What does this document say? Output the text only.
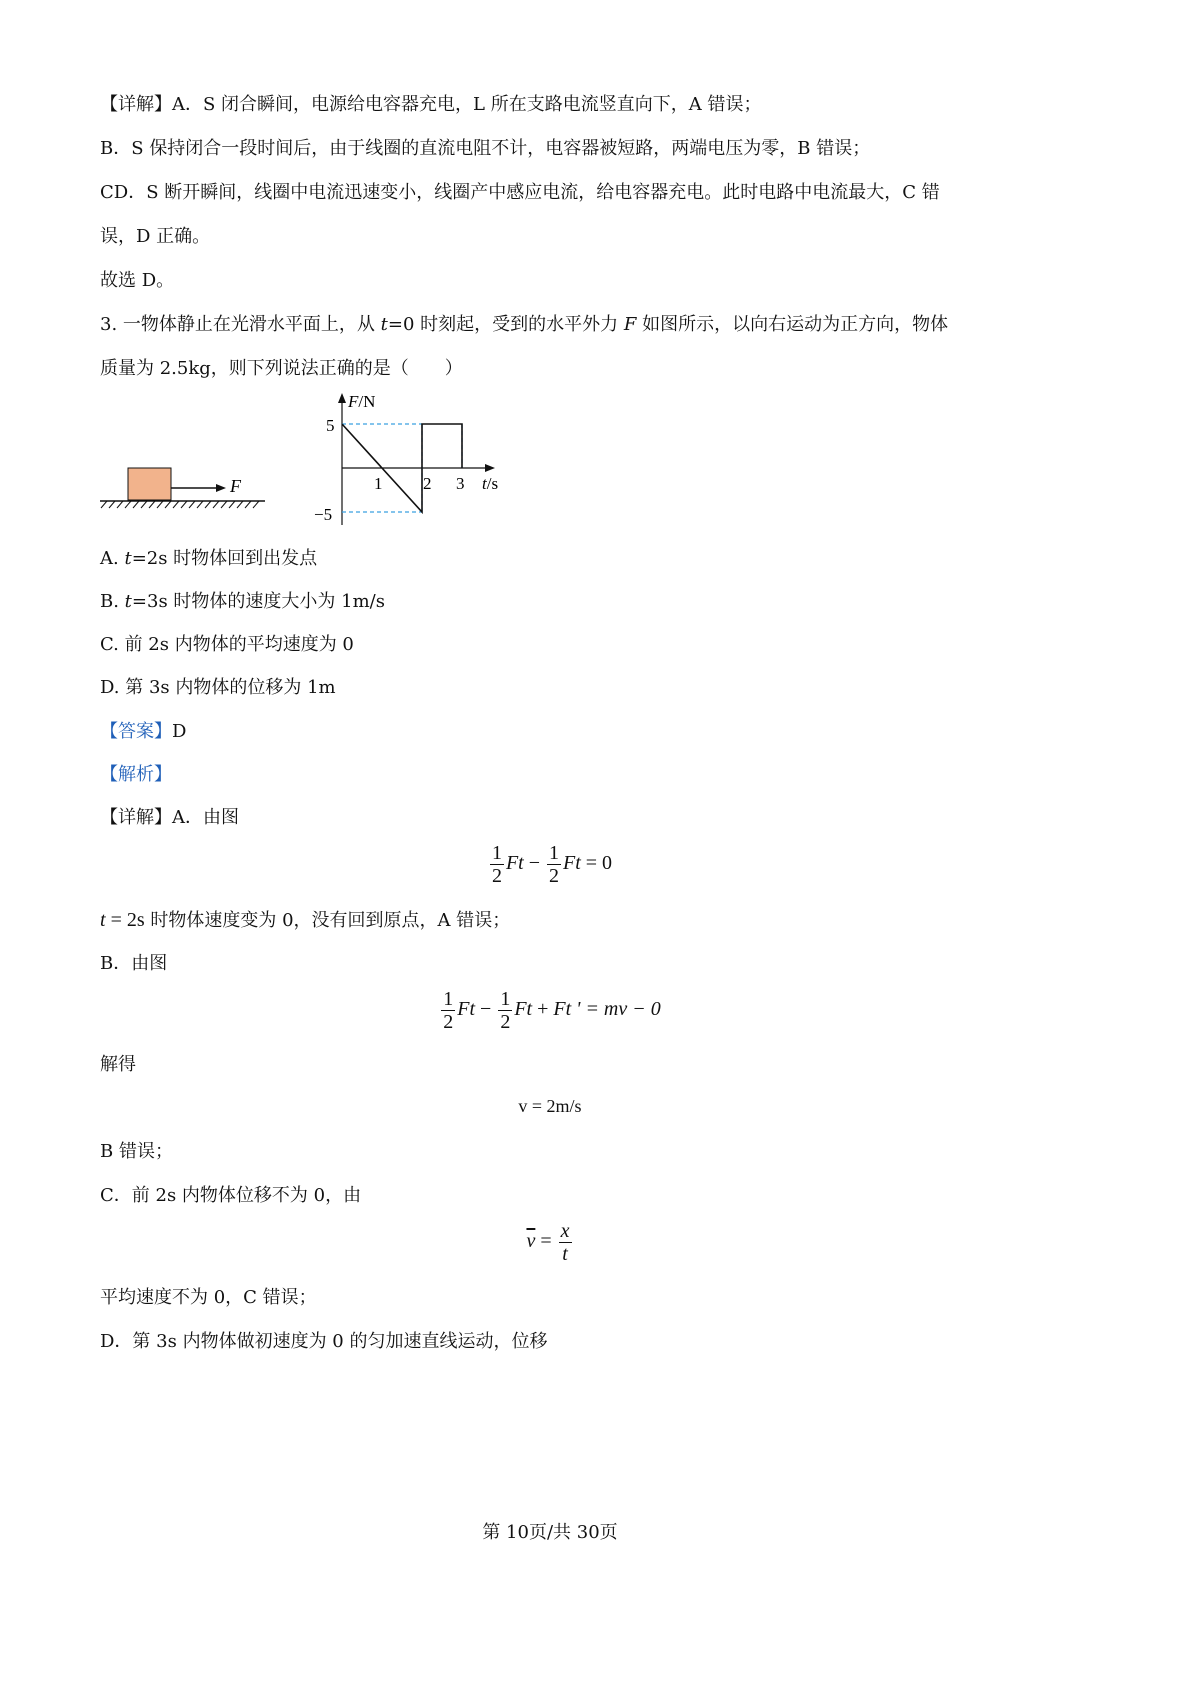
【详解】A．S 闭合瞬间，电源给电容器充电，L 所在支路电流竖直向下，A 错误；
B．S 保持闭合一段时间后，由于线圈的直流电阻不计，电容器被短路，两端电压为零，B 错误；
CD．S 断开瞬间，线圈中电流迅速变小，线圈产中感应电流，给电容器充电。此时电路中电流最大，C 错
误，D 正确。
故选 D。
3. 一物体静止在光滑水平面上，从 t=0 时刻起，受到的水平外力 F 如图所示，以向右运动为正方向，物体
质量为 2.5kg，则下列说法正确的是（　　）
F
F/N
t/s
5
−5
1 2 3
A. t=2s 时物体回到出发点
B. t=3s 时物体的速度大小为 1m/s
C. 前 2s 内物体的平均速度为 0
D. 第 3s 内物体的位移为 1m
【答案】D
【解析】
【详解】A．由图
$\frac{1}{2}$ $Ft - \frac{1}{2}$ Ft = 0
t = 2s 时物体速度变为 0，没有回到原点，A 错误；
B．由图
$\frac{1}{2}$ $Ft - \frac{1}{2}$ Ft + Ft ' = mv − 0
解得
v = 2m/s
B 错误；
C．前 2s 内物体位移不为 0，由
$\overline{v} = \frac{x}{t}$
平均速度不为 0，C 错误；
D．第 3s 内物体做初速度为 0 的匀加速直线运动，位移
第 10页/共 30页
